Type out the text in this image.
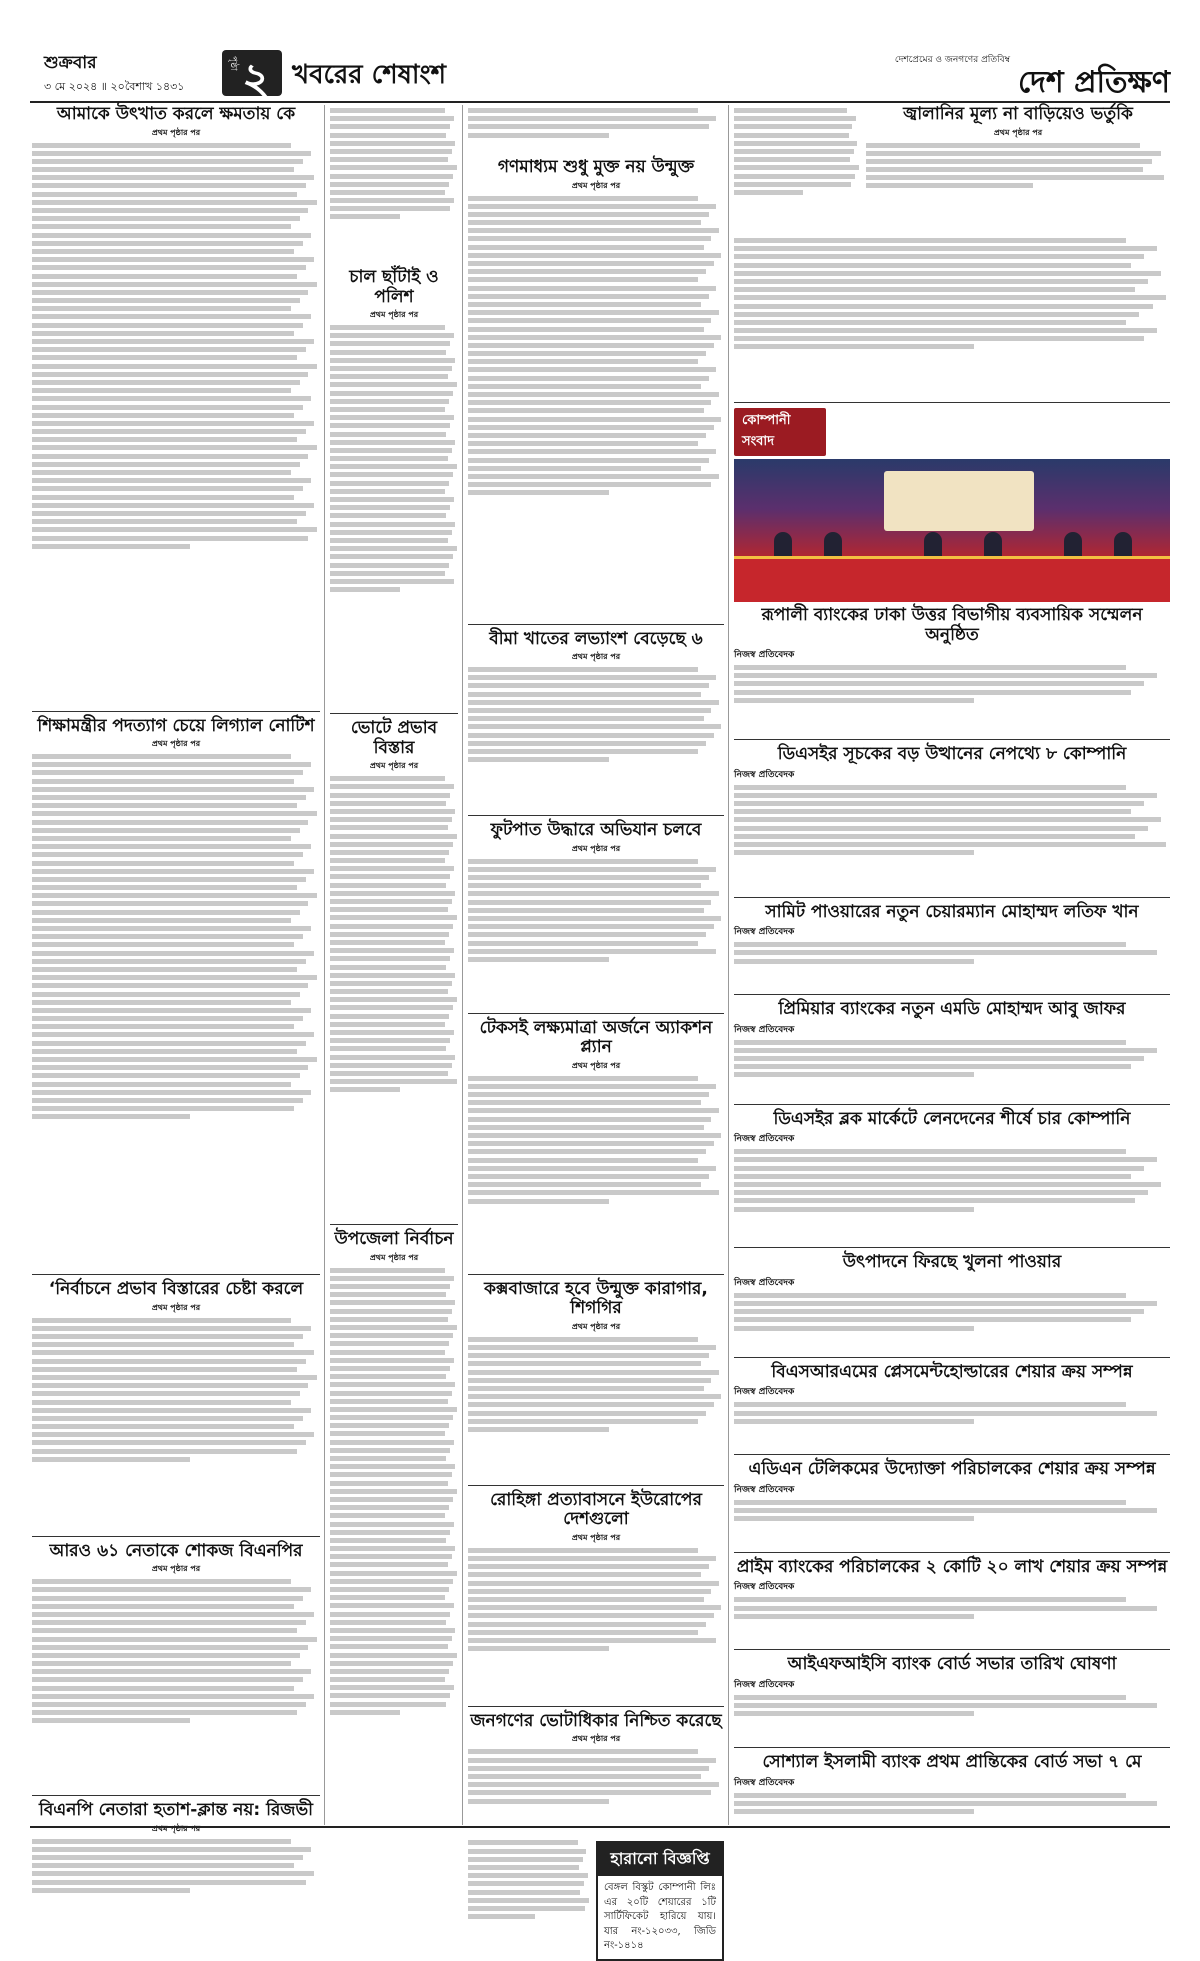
শুক্রবার
৩ মে ২০২৪ ॥ ২০বৈশাখ ১৪৩১
পৃষ্ঠা ২ খবরের শেষাংশ	দেশপ্রেমের ও জনগণের প্রতিবিম্ব
দেশ প্রতিক্ষণ
আমাকে উৎখাত করলে ক্ষমতায় কে
প্রথম পৃষ্ঠার পর
শিক্ষামন্ত্রীর পদত্যাগ চেয়ে লিগ্যাল নোটিশ
প্রথম পৃষ্ঠার পর
‘নির্বাচনে প্রভাব বিস্তারের চেষ্টা করলে
প্রথম পৃষ্ঠার পর
আরও ৬১ নেতাকে শোকজ বিএনপির
প্রথম পৃষ্ঠার পর
বিএনপি নেতারা হতাশ-ক্লান্ত নয়: রিজভী
প্রথম পৃষ্ঠার পর
চাল ছাঁটাই ও পলিশ
প্রথম পৃষ্ঠার পর
ভোটে প্রভাব বিস্তার
প্রথম পৃষ্ঠার পর
উপজেলা নির্বাচন
প্রথম পৃষ্ঠার পর
গণমাধ্যম শুধু মুক্ত নয় উন্মুক্ত
প্রথম পৃষ্ঠার পর
বীমা খাতের লভ্যাংশ বেড়েছে ৬
প্রথম পৃষ্ঠার পর
ফুটপাত উদ্ধারে অভিযান চলবে
প্রথম পৃষ্ঠার পর
টেকসই লক্ষ্যমাত্রা অর্জনে অ্যাকশন প্ল্যান
প্রথম পৃষ্ঠার পর
কক্সবাজারে হবে উন্মুক্ত কারাগার, শিগগির
প্রথম পৃষ্ঠার পর
রোহিঙ্গা প্রত্যাবাসনে ইউরোপের দেশগুলো
প্রথম পৃষ্ঠার পর
জনগণের ভোটাধিকার নিশ্চিত করেছে
প্রথম পৃষ্ঠার পর
হারানো বিজ্ঞপ্তি
বেঙ্গল বিস্কুট কোম্পানী লিঃ এর ২০টি শেয়ারের ১টি সার্টিফিকেট হারিয়ে যায়। যার নং-১২০৩৩, জিডি নং-১৪১৪
জ্বালানির মূল্য না বাড়িয়েও ভর্তুকি
প্রথম পৃষ্ঠার পর
কোম্পানী সংবাদ
রূপালী ব্যাংকের ঢাকা উত্তর বিভাগীয় ব্যবসায়িক সম্মেলন অনুষ্ঠিত
নিজস্ব প্রতিবেদক
ডিএসইর সূচকের বড় উত্থানের নেপথ্যে ৮ কোম্পানি
নিজস্ব প্রতিবেদক
সামিট পাওয়ারের নতুন চেয়ারম্যান মোহাম্মদ লতিফ খান
নিজস্ব প্রতিবেদক
প্রিমিয়ার ব্যাংকের নতুন এমডি মোহাম্মদ আবু জাফর
নিজস্ব প্রতিবেদক
ডিএসইর ব্লক মার্কেটে লেনদেনের শীর্ষে চার কোম্পানি
নিজস্ব প্রতিবেদক
উৎপাদনে ফিরছে খুলনা পাওয়ার
নিজস্ব প্রতিবেদক
বিএসআরএমের প্লেসমেন্টহোল্ডারের শেয়ার ক্রয় সম্পন্ন
নিজস্ব প্রতিবেদক
এডিএন টেলিকমের উদ্যোক্তা পরিচালকের শেয়ার ক্রয় সম্পন্ন
নিজস্ব প্রতিবেদক
প্রাইম ব্যাংকের পরিচালকের ২ কোটি ২০ লাখ শেয়ার ক্রয় সম্পন্ন
নিজস্ব প্রতিবেদক
আইএফআইসি ব্যাংক বোর্ড সভার তারিখ ঘোষণা
নিজস্ব প্রতিবেদক
সোশ্যাল ইসলামী ব্যাংক প্রথম প্রান্তিকের বোর্ড সভা ৭ মে
নিজস্ব প্রতিবেদক
